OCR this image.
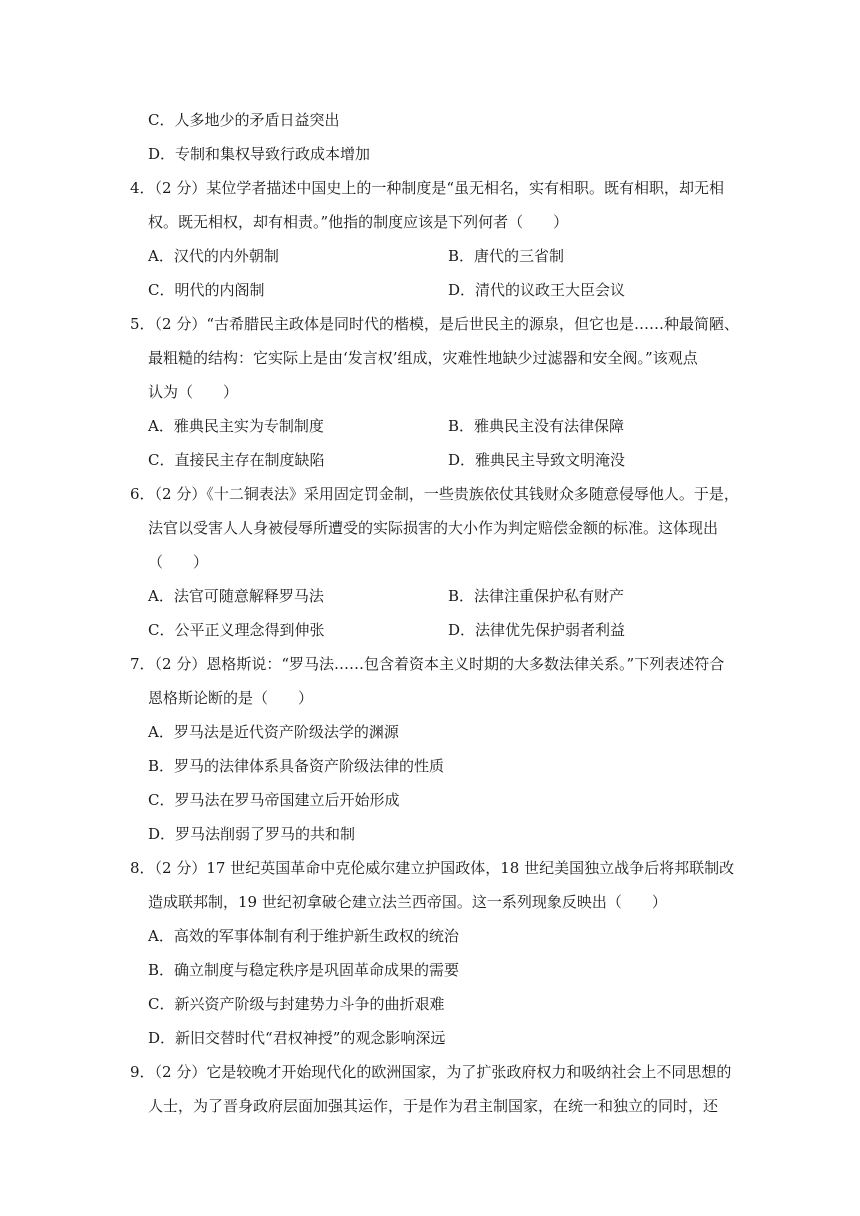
C．人多地少的矛盾日益突出
D．专制和集权导致行政成本增加
4．（2 分）某位学者描述中国史上的一种制度是“虽无相名，实有相职。既有相职，却无相
权。既无相权，却有相责。”他指的制度应该是下列何者（　　）
A．汉代的内外朝制	B．唐代的三省制
C．明代的内阁制	D．清代的议政王大臣会议
5．（2 分）“古希腊民主政体是同时代的楷模，是后世民主的源泉，但它也是……种最简陋、
最粗糙的结构：它实际上是由‘发言权’组成，灾难性地缺少过滤器和安全阀。”该观点
认为（　　）
A．雅典民主实为专制制度	B．雅典民主没有法律保障
C．直接民主存在制度缺陷	D．雅典民主导致文明淹没
6．（2 分）《十二铜表法》采用固定罚金制，一些贵族依仗其钱财众多随意侵辱他人。于是，
法官以受害人人身被侵辱所遭受的实际损害的大小作为判定赔偿金额的标准。这体现出
（　　）
A．法官可随意解释罗马法	B．法律注重保护私有财产
C．公平正义理念得到伸张	D．法律优先保护弱者利益
7．（2 分）恩格斯说：“罗马法……包含着资本主义时期的大多数法律关系。”下列表述符合
恩格斯论断的是（　　）
A．罗马法是近代资产阶级法学的渊源
B．罗马的法律体系具备资产阶级法律的性质
C．罗马法在罗马帝国建立后开始形成
D．罗马法削弱了罗马的共和制
8．（2 分）17 世纪英国革命中克伦威尔建立护国政体，18 世纪美国独立战争后将邦联制改
造成联邦制，19 世纪初拿破仑建立法兰西帝国。这一系列现象反映出（　　）
A．高效的军事体制有利于维护新生政权的统治
B．确立制度与稳定秩序是巩固革命成果的需要
C．新兴资产阶级与封建势力斗争的曲折艰难
D．新旧交替时代“君权神授”的观念影响深远
9．（2 分）它是较晚才开始现代化的欧洲国家，为了扩张政府权力和吸纳社会上不同思想的
人士，为了晋身政府层面加强其运作，于是作为君主制国家，在统一和独立的同时，还
